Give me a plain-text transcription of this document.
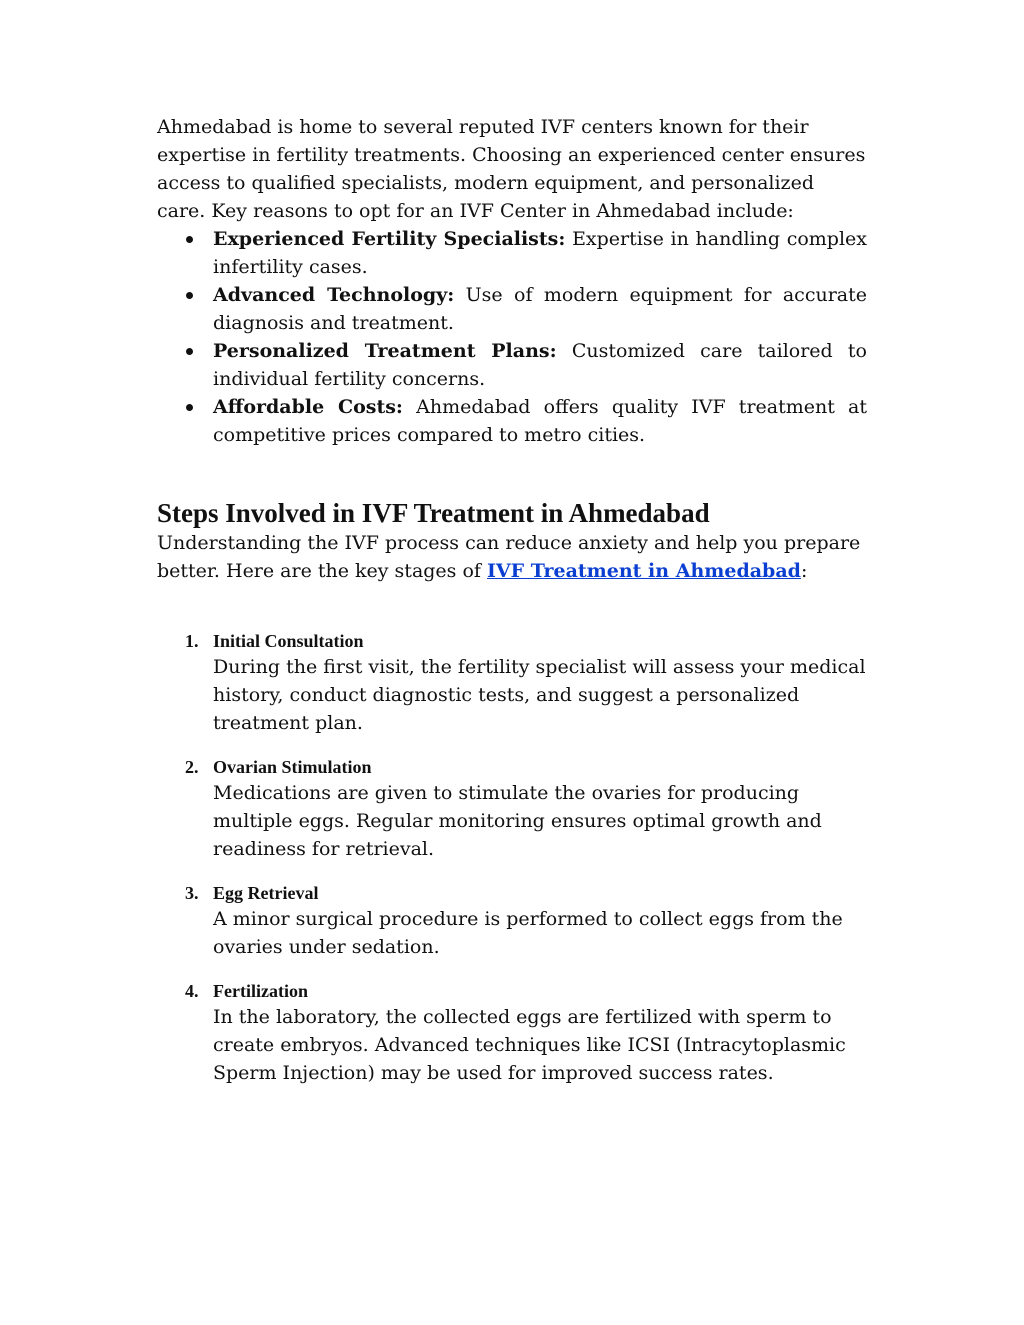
Ahmedabad is home to several reputed IVF centers known for their expertise in fertility treatments. Choosing an experienced center ensures access to qualified specialists, modern equipment, and personalized care. Key reasons to opt for an IVF Center in Ahmedabad include:

Experienced Fertility Specialists: Expertise in handling complex infertility cases.
Advanced Technology: Use of modern equipment for accurate diagnosis and treatment.
Personalized Treatment Plans: Customized care tailored to individual fertility concerns.
Affordable Costs: Ahmedabad offers quality IVF treatment at competitive prices compared to metro cities.
Steps Involved in IVF Treatment in Ahmedabad

Understanding the IVF process can reduce anxiety and help you prepare better. Here are the key stages of IVF Treatment in Ahmedabad:

1. Initial Consultation

During the first visit, the fertility specialist will assess your medical history, conduct diagnostic tests, and suggest a personalized treatment plan.

2. Ovarian Stimulation

Medications are given to stimulate the ovaries for producing multiple eggs. Regular monitoring ensures optimal growth and readiness for retrieval.

3. Egg Retrieval

A minor surgical procedure is performed to collect eggs from the ovaries under sedation.

4. Fertilization

In the laboratory, the collected eggs are fertilized with sperm to create embryos. Advanced techniques like ICSI (Intracytoplasmic Sperm Injection) may be used for improved success rates.
